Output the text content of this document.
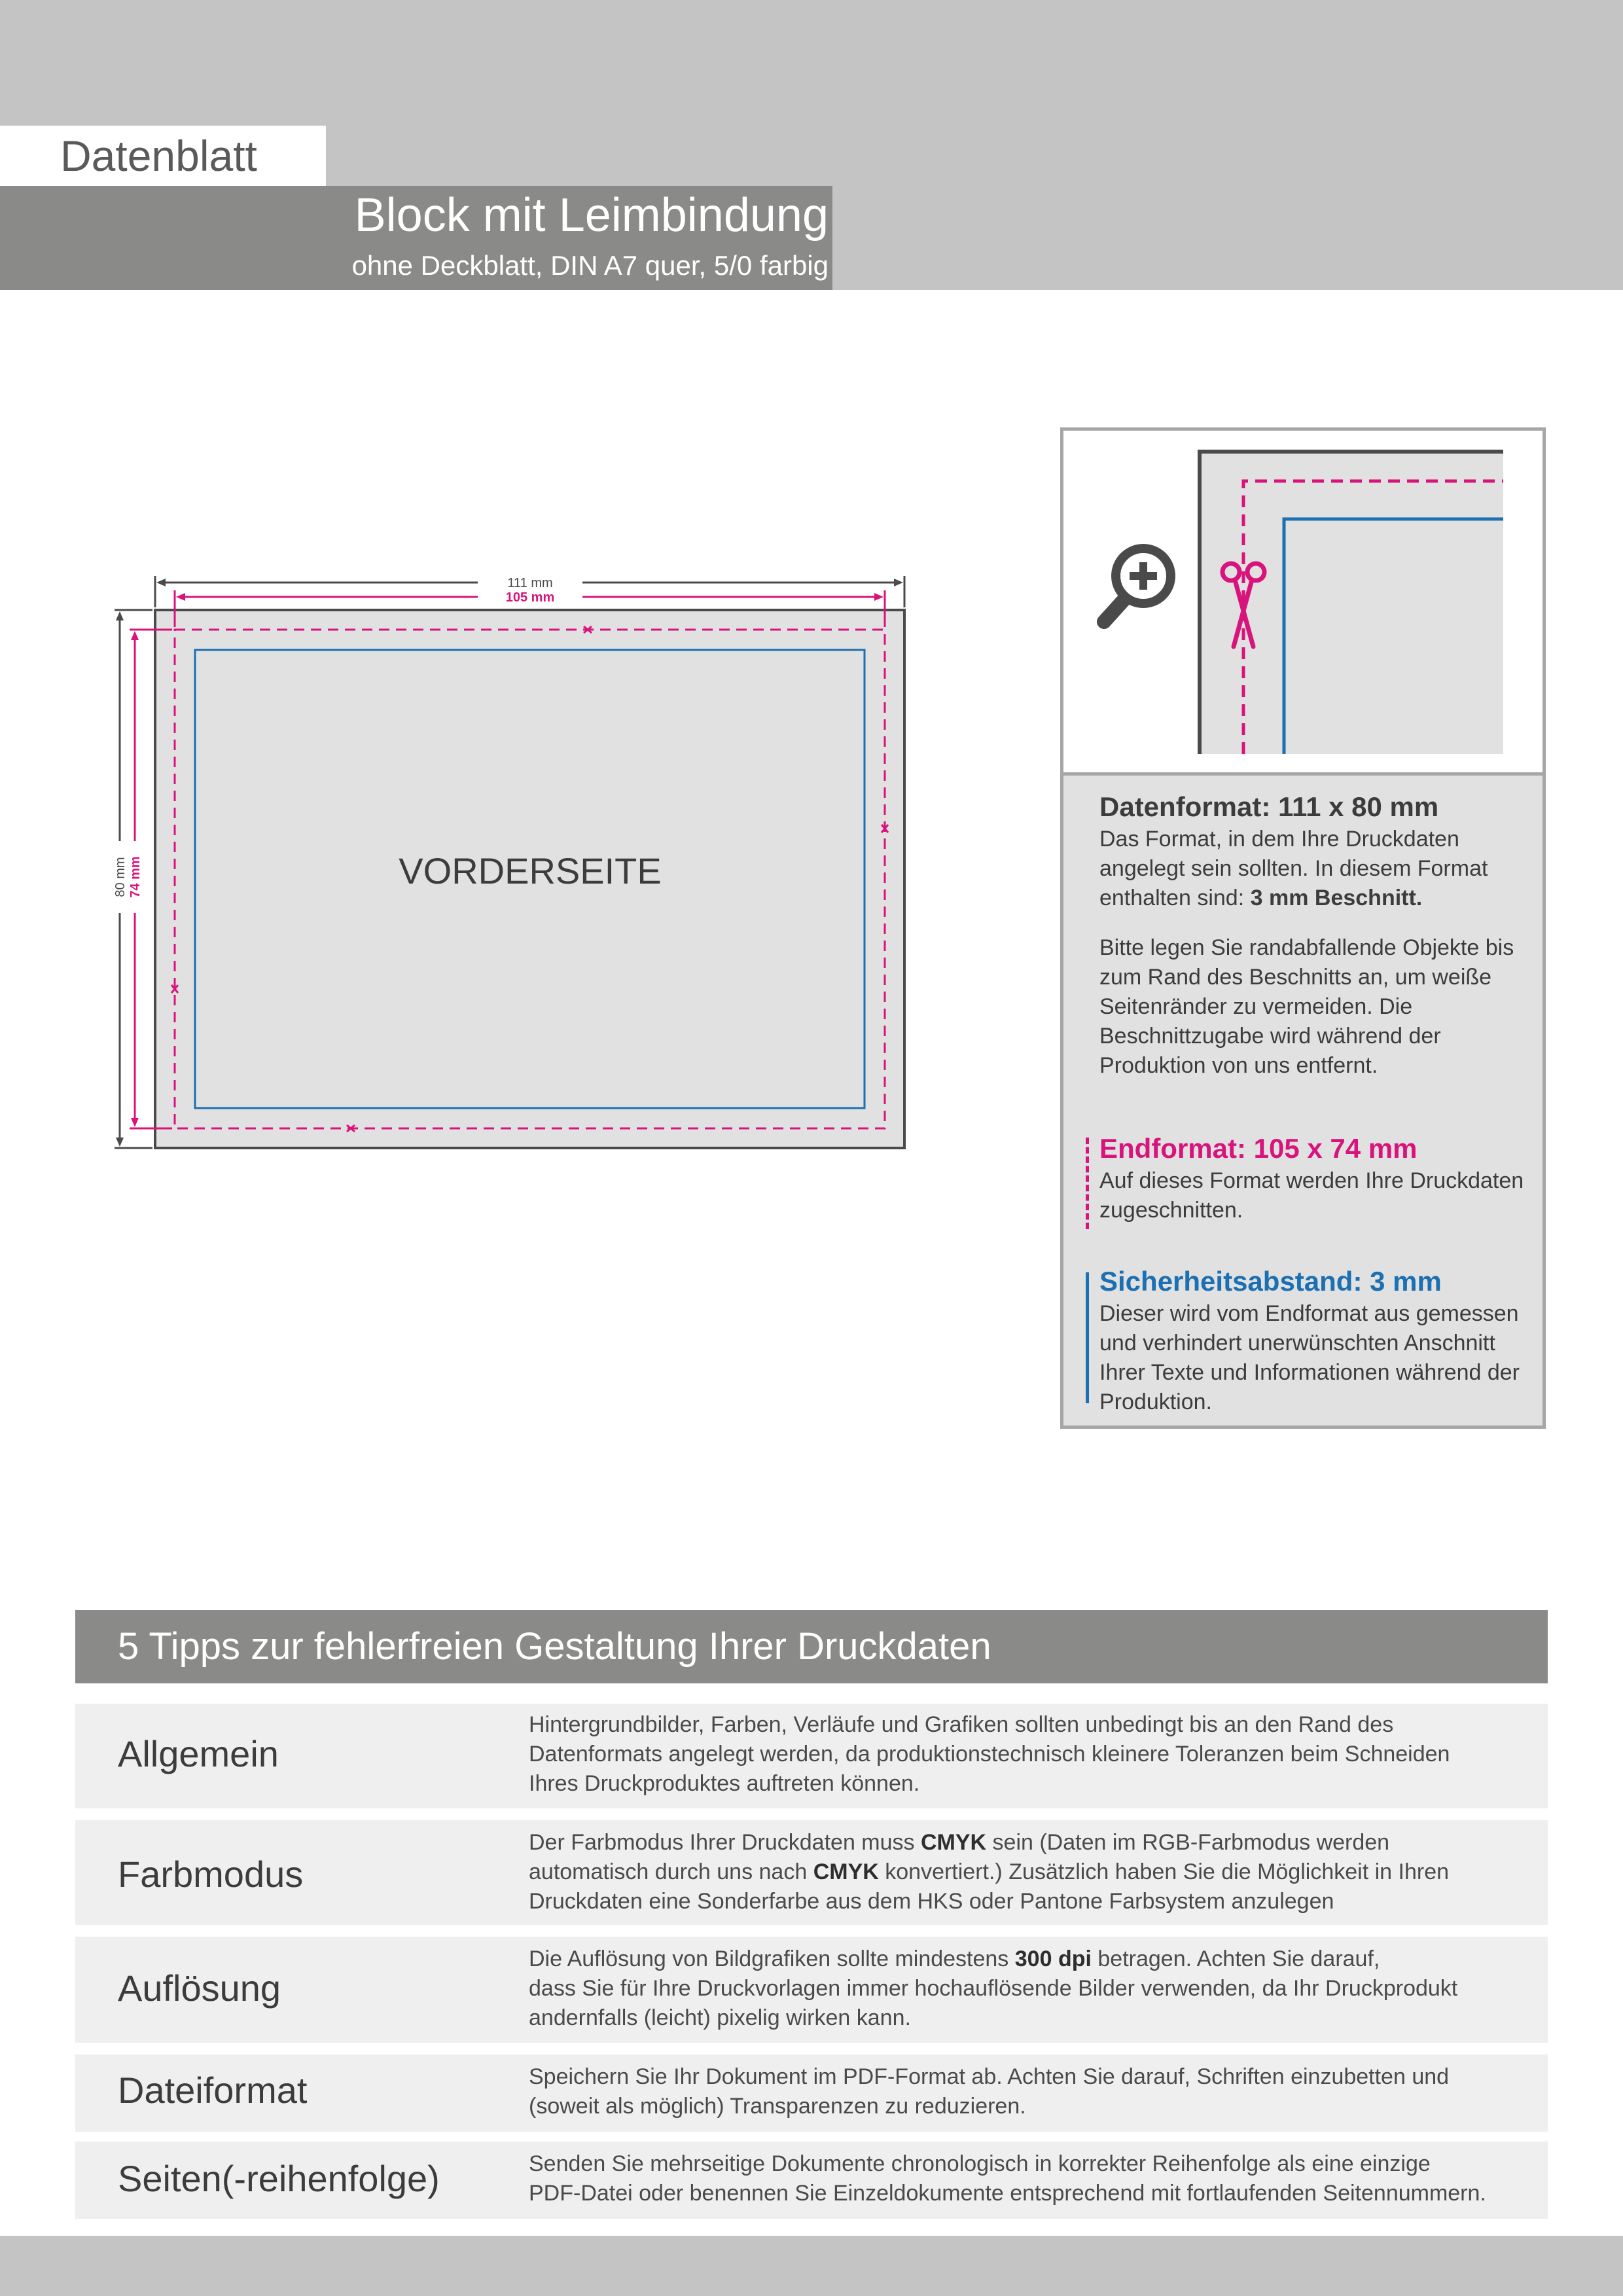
Datenblatt
Block mit Leimbindung
ohne Deckblatt, DIN A7 quer, 5/0 farbig
VORDERSEITE
111 mm
105 mm
80 mm 74 mm
Datenformat: 111 x 80 mm
Das Format, in dem Ihre Druckdaten angelegt sein sollten. In diesem Format enthalten sind: 3 mm Beschnitt.
Bitte legen Sie randabfallende Objekte bis zum Rand des Beschnitts an, um weiße Seitenränder zu vermeiden. Die Beschnittzugabe wird während der Produktion von uns entfernt.
Endformat: 105 x 74 mm
Auf dieses Format werden Ihre Druckdaten zugeschnitten.
Sicherheitsabstand: 3 mm
Dieser wird vom Endformat aus gemessen und verhindert unerwünschten Anschnitt Ihrer Texte und Informationen während der Produktion.
5 Tipps zur fehlerfreien Gestaltung Ihrer Druckdaten
Allgemein
Hintergrundbilder, Farben, Verläufe und Grafiken sollten unbedingt bis an den Rand des
Datenformats angelegt werden, da produktionstechnisch kleinere Toleranzen beim Schneiden
Ihres Druckproduktes auftreten können.
Farbmodus
Der Farbmodus Ihrer Druckdaten muss CMYK sein (Daten im RGB-Farbmodus werden
automatisch durch uns nach CMYK konvertiert.) Zusätzlich haben Sie die Möglichkeit in Ihren
Druckdaten eine Sonderfarbe aus dem HKS oder Pantone Farbsystem anzulegen
Auflösung
Die Auflösung von Bildgrafiken sollte mindestens 300 dpi betragen. Achten Sie darauf,
dass Sie für Ihre Druckvorlagen immer hochauflösende Bilder verwenden, da Ihr Druckprodukt
andernfalls (leicht) pixelig wirken kann.
Dateiformat	Speichern Sie Ihr Dokument im PDF-Format ab. Achten Sie darauf, Schriften einzubetten und
(soweit als möglich) Transparenzen zu reduzieren.
Seiten(-reihenfolge)	Senden Sie mehrseitige Dokumente chronologisch in korrekter Reihenfolge als eine einzige
PDF-Datei oder benennen Sie Einzeldokumente entsprechend mit fortlaufenden Seitennummern.
